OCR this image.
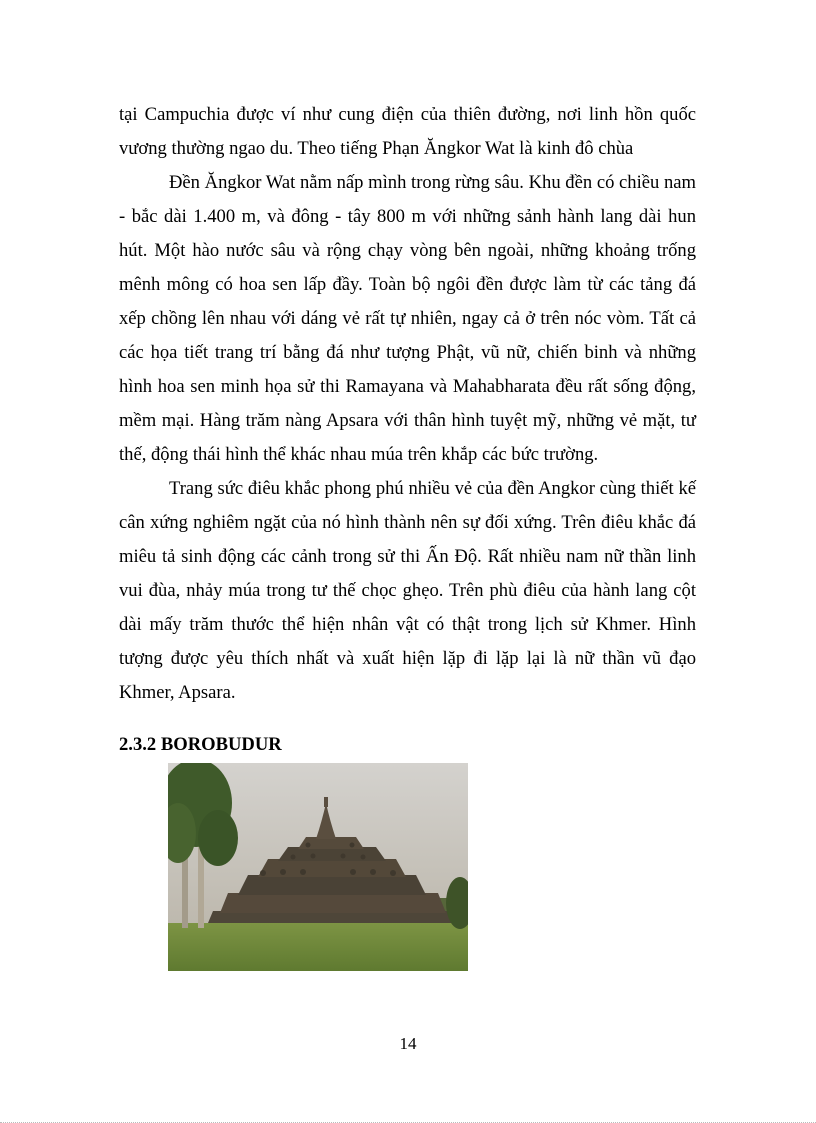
tại Campuchia được ví như cung điện của thiên đường, nơi linh hồn quốc vương thường ngao du. Theo tiếng Phạn Ăngkor Wat là kinh đô chùa

Đền Ăngkor Wat nằm nấp mình trong rừng sâu. Khu đền có chiều nam - bắc dài 1.400 m, và đông - tây 800 m với những sảnh hành lang dài hun hút. Một hào nước sâu và rộng chạy vòng bên ngoài, những khoảng trống mênh mông có hoa sen lấp đầy. Toàn bộ ngôi đền được làm từ các tảng đá xếp chồng lên nhau với dáng vẻ rất tự nhiên, ngay cả ở trên nóc vòm. Tất cả các họa tiết trang trí bằng đá như tượng Phật, vũ nữ, chiến binh và những hình hoa sen minh họa sử thi Ramayana và Mahabharata đều rất sống động, mềm mại. Hàng trăm nàng Apsara với thân hình tuyệt mỹ, những vẻ mặt, tư thế, động thái hình thể khác nhau múa trên khắp các bức trường.

Trang sức điêu khắc phong phú nhiều vẻ của đền Angkor cùng thiết kế cân xứng nghiêm ngặt của nó hình thành nên sự đối xứng. Trên điêu khắc đá miêu tả sinh động các cảnh trong sử thi Ấn Độ. Rất nhiều nam nữ thần linh vui đùa, nhảy múa trong tư thế chọc ghẹo. Trên phù điêu của hành lang cột dài mấy trăm thước thể hiện nhân vật có thật trong lịch sử Khmer. Hình tượng được yêu thích nhất và xuất hiện lặp đi lặp lại là nữ thần vũ đạo Khmer, Apsara.

2.3.2 BOROBUDUR
14
